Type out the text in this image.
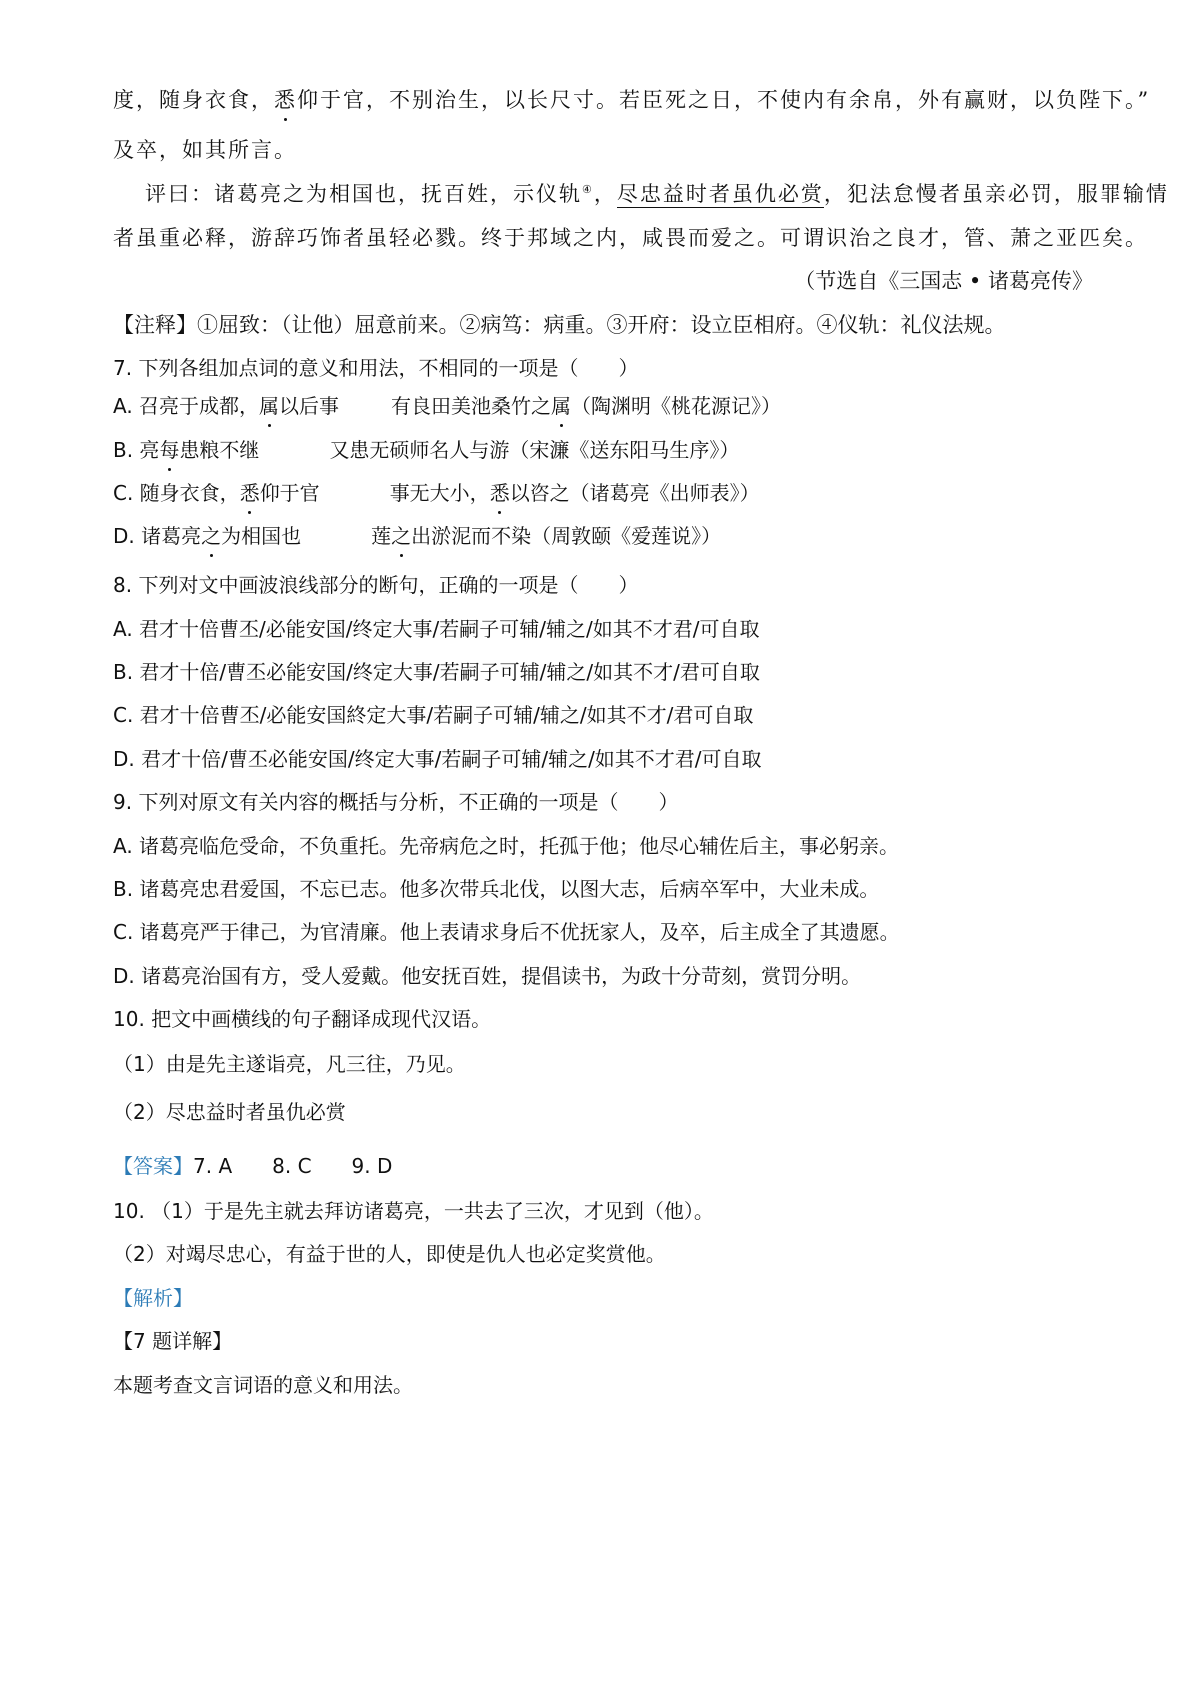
度，随身衣食，悉仰于官，不别治生，以长尺寸。若臣死之日，不使内有余帛，外有赢财，以负陛下。”
及卒，如其所言。
评曰：诸葛亮之为相国也，抚百姓，示仪轨④，尽忠益时者虽仇必赏，犯法怠慢者虽亲必罚，服罪输情
者虽重必释，游辞巧饰者虽轻必戮。终于邦域之内，咸畏而爱之。可谓识治之良才，管、萧之亚匹矣。
（节选自《三国志 • 诸葛亮传》
【注释】①屈致：（让他）屈意前来。②病笃：病重。③开府：设立臣相府。④仪轨：礼仪法规。
7. 下列各组加点词的意义和用法，不相同的一项是（　　）
A. 召亮于成都，属以后事	有良田美池桑竹之属（陶渊明《桃花源记》）
B. 亮每患粮不继	又患无硕师名人与游（宋濂《送东阳马生序》）
C. 随身衣食，悉仰于官	事无大小，悉以咨之（诸葛亮《出师表》）
D. 诸葛亮之为相国也	莲之出淤泥而不染（周敦颐《爱莲说》）
8. 下列对文中画波浪线部分的断句，正确的一项是（　　）
A. 君才十倍曹丕/必能安国/终定大事/若嗣子可辅/辅之/如其不才君/可自取
B. 君才十倍/曹丕必能安国/终定大事/若嗣子可辅/辅之/如其不才/君可自取
C. 君才十倍曹丕/必能安国終定大事/若嗣子可辅/辅之/如其不才/君可自取
D. 君才十倍/曹丕必能安国/终定大事/若嗣子可辅/辅之/如其不才君/可自取
9. 下列对原文有关内容的概括与分析，不正确的一项是（　　）
A. 诸葛亮临危受命，不负重托。先帝病危之时，托孤于他；他尽心辅佐后主，事必躬亲。
B. 诸葛亮忠君爱国，不忘已志。他多次带兵北伐，以图大志，后病卒军中，大业未成。
C. 诸葛亮严于律己，为官清廉。他上表请求身后不优抚家人，及卒，后主成全了其遗愿。
D. 诸葛亮治国有方，受人爱戴。他安抚百姓，提倡读书，为政十分苛刻，赏罚分明。
10. 把文中画横线的句子翻译成现代汉语。
（1）由是先主遂诣亮，凡三往，乃见。
（2）尽忠益时者虽仇必赏
【答案】7. A 8. C 9. D
10. （1）于是先主就去拜访诸葛亮，一共去了三次，才见到（他）。
（2）对竭尽忠心，有益于世的人，即使是仇人也必定奖赏他。
【解析】
【7 题详解】
本题考查文言词语的意义和用法。
